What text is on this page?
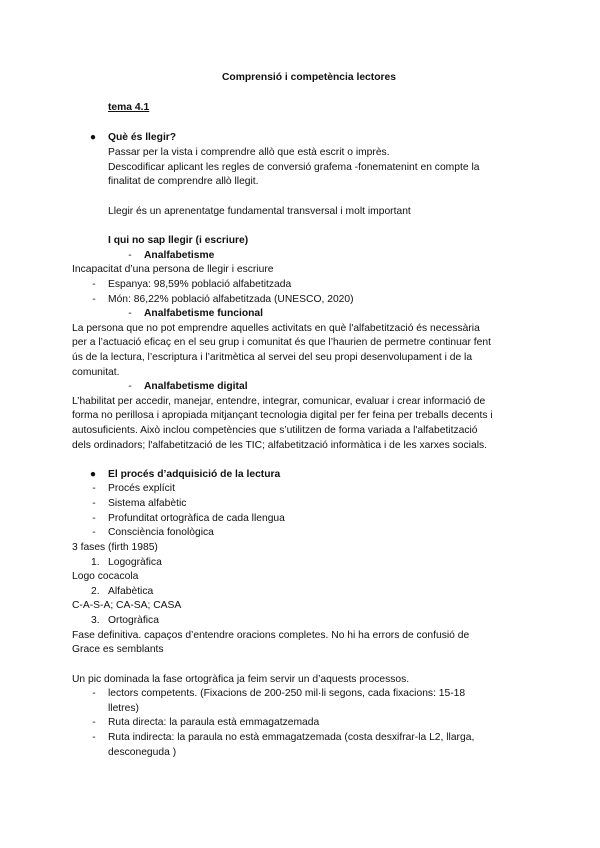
Comprensió i competència lectores
tema 4.1
●	Què és llegir?
Passar per la vista i comprendre allò que està escrit o imprès.
Descodificar aplicant les regles de conversió grafema -fonematenint en compte la
finalitat de comprendre allò llegit.
Llegir és un aprenentatge fundamental transversal i molt important
I qui no sap llegir (i escriure)
-	Analfabetisme
Incapacitat d’una persona de llegir i escriure
-	Espanya: 98,59% població alfabetitzada
-	Món: 86,22% població alfabetitzada (UNESCO, 2020)
-	Analfabetisme funcional
La persona que no pot emprendre aquelles activitats en què l'alfabetització és necessària
per a l’actuació eficaç en el seu grup i comunitat és que l’haurien de permetre continuar fent
ús de la lectura, l’escriptura i l’aritmètica al servei del seu propi desenvolupament i de la
comunitat.
-	Analfabetisme digital
L’habilitat per accedir, manejar, entendre, integrar, comunicar, evaluar i crear informació de
forma no perillosa i apropiada mitjançant tecnologia digital per fer feina per treballs decents i
autosuficients. Això inclou competències que s’utilitzen de forma variada a l'alfabetització
dels ordinadors; l'alfabetització de les TIC; alfabetització informàtica i de les xarxes socials.
●	El procés d’adquisició de la lectura
-	Procés explícit
-	Sistema alfabètic
-	Profunditat ortogràfica de cada llengua
-	Consciència fonològica
3 fases (firth 1985)
1. Logogràfica
Logo cocacola
2. Alfabètica
C-A-S-A; CA-SA; CASA
3. Ortogràfica
Fase definitiva. capaços d’entendre oracions completes. No hi ha errors de confusió de
Grace es semblants
Un pic dominada la fase ortogràfica ja feim servir un d’aquests processos.
-	lectors competents. (Fixacions de 200-250 mil·li segons, cada fixacions: 15-18
lletres)
-	Ruta directa: la paraula està emmagatzemada
-	Ruta indirecta: la paraula no està emmagatzemada (costa desxifrar-la L2, llarga,
desconeguda )
